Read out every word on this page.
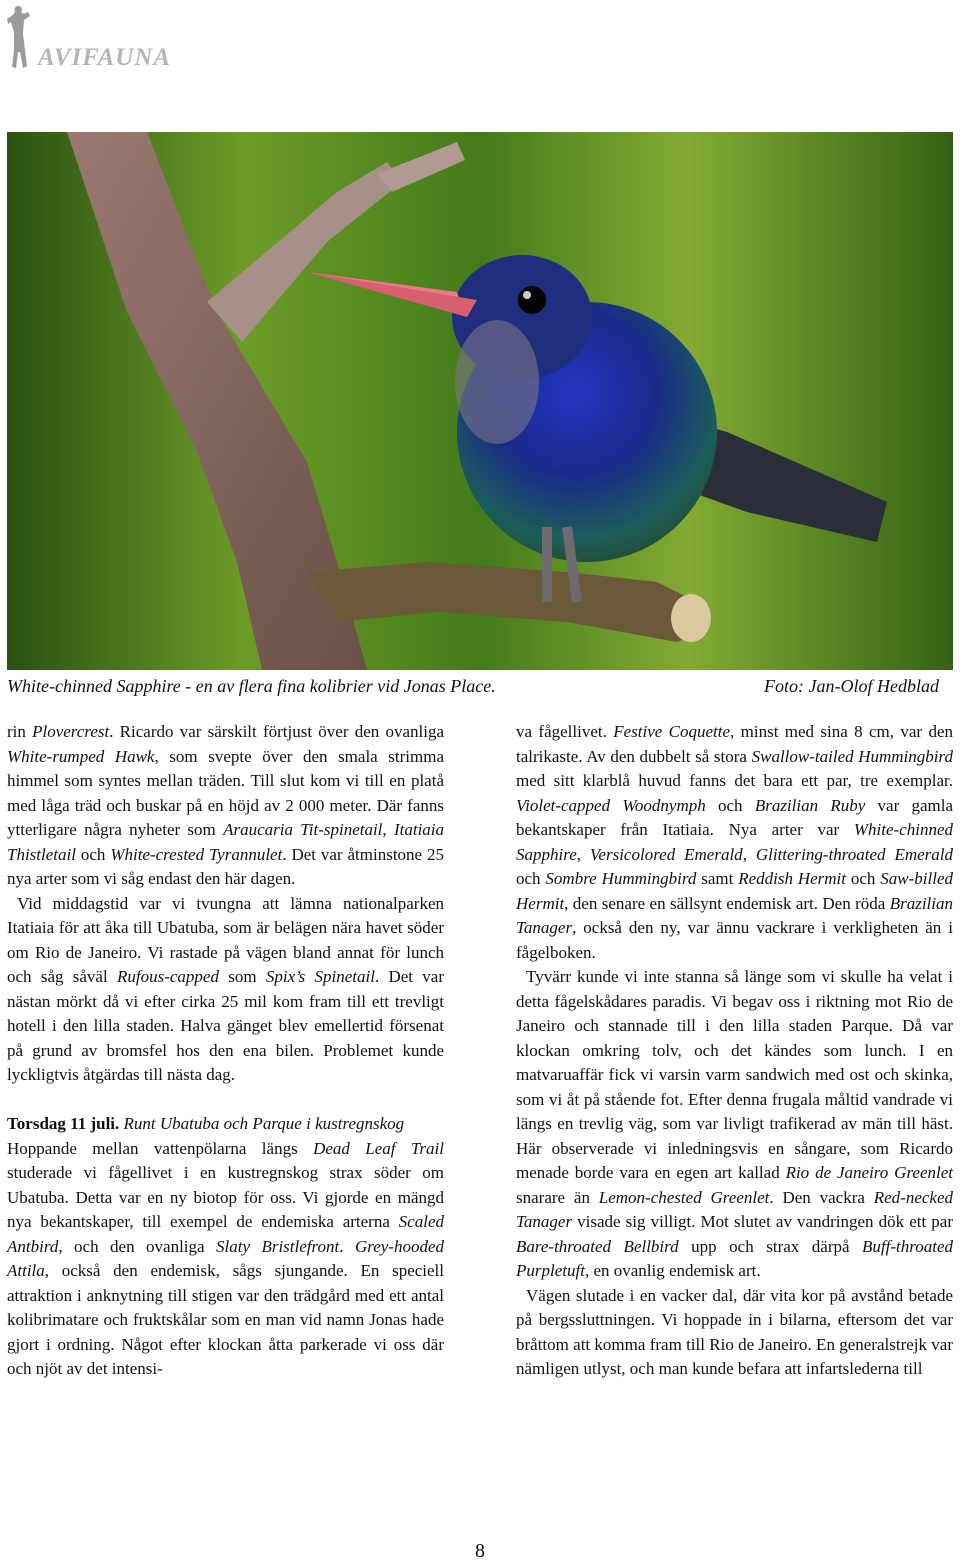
AVIFAUNA
White-chinned Sapphire - en av flera fina kolibrier vid Jonas Place.	Foto: Jan-Olof Hedblad

rin Plovercrest. Ricardo var särskilt förtjust över den ovanliga White-rumped Hawk, som svepte över den smala strimma himmel som syntes mellan träden. Till slut kom vi till en platå med låga träd och buskar på en höjd av 2 000 meter. Där fanns ytterligare några nyheter som Araucaria Tit-spinetail, Itatiaia Thistletail och White-crested Tyrannulet. Det var åtminstone 25 nya arter som vi såg endast den här dagen.

Vid middagstid var vi tvungna att lämna nationalparken Itatiaia för att åka till Ubatuba, som är belägen nära havet söder om Rio de Janeiro. Vi rastade på vägen bland annat för lunch och såg såväl Rufous-capped som Spix’s Spinetail. Det var nästan mörkt då vi efter cirka 25 mil kom fram till ett trevligt hotell i den lilla staden. Halva gänget blev emellertid försenat på grund av bromsfel hos den ena bilen. Problemet kunde lyckligtvis åtgärdas till nästa dag.

Torsdag 11 juli. Runt Ubatuba och Parque i kustregnskog

Hoppande mellan vattenpölarna längs Dead Leaf Trail studerade vi fågellivet i en kustregnskog strax söder om Ubatuba. Detta var en ny biotop för oss. Vi gjorde en mängd nya bekantskaper, till exempel de endemiska arterna Scaled Antbird, och den ovanliga Slaty Bristlefront. Grey-hooded Attila, också den endemisk, sågs sjungande. En speciell attraktion i anknytning till stigen var den trädgård med ett antal kolibrimatare och fruktskålar som en man vid namn Jonas hade gjort i ordning. Något efter klockan åtta parkerade vi oss där och njöt av det intensi-

va fågellivet. Festive Coquette, minst med sina 8 cm, var den talrikaste. Av den dubbelt så stora Swallow-tailed Hummingbird med sitt klarblå huvud fanns det bara ett par, tre exemplar. Violet-capped Woodnymph och Brazilian Ruby var gamla bekantskaper från Itatiaia. Nya arter var White-chinned Sapphire, Versicolored Emerald, Glittering-throated Emerald och Sombre Hummingbird samt Reddish Hermit och Saw-billed Hermit, den senare en sällsynt endemisk art. Den röda Brazilian Tanager, också den ny, var ännu vackrare i verkligheten än i fågelboken.

Tyvärr kunde vi inte stanna så länge som vi skulle ha velat i detta fågelskådares paradis. Vi begav oss i riktning mot Rio de Janeiro och stannade till i den lilla staden Parque. Då var klockan omkring tolv, och det kändes som lunch. I en matvaruaffär fick vi varsin varm sandwich med ost och skinka, som vi åt på stående fot. Efter denna frugala måltid vandrade vi längs en trevlig väg, som var livligt trafikerad av män till häst. Här observerade vi inledningsvis en sångare, som Ricardo menade borde vara en egen art kallad Rio de Janeiro Greenlet snarare än Lemon-chested Greenlet. Den vackra Red-necked Tanager visade sig villigt. Mot slutet av vandringen dök ett par Bare-throated Bellbird upp och strax därpå Buff-throated Purpletuft, en ovanlig endemisk art.

Vägen slutade i en vacker dal, där vita kor på avstånd betade på bergssluttningen. Vi hoppade in i bilarna, eftersom det var bråttom att komma fram till Rio de Janeiro. En generalstrejk var nämligen utlyst, och man kunde befara att infartslederna till

8
